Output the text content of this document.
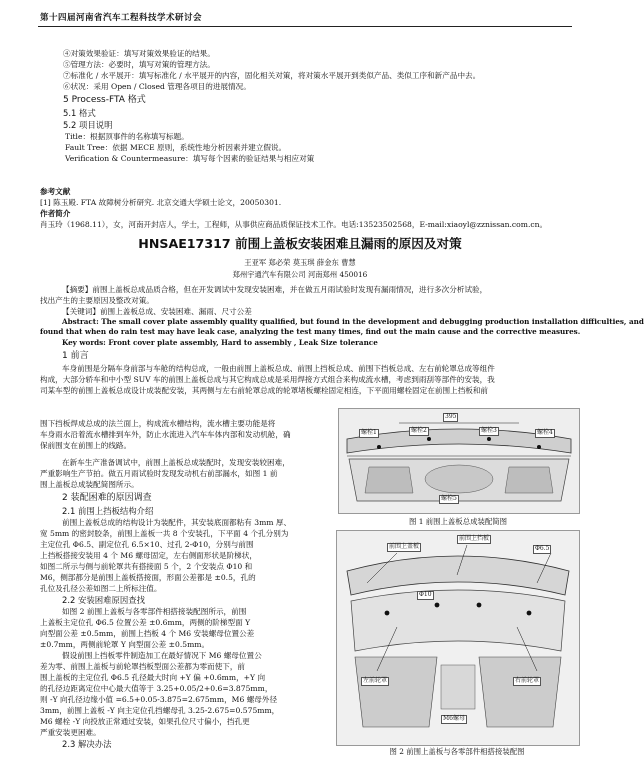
第十四届河南省汽车工程科技学术研讨会

④对策效果验证：填写对策效果验证的结果。

⑤管理方法：必要时，填写对策的管理方法。

⑦标准化 / 水平展开：填写标准化 / 水平展开的内容，固化相关对策，将对策水平展开到类似产品、类似工序和新产品中去。

⑥状况：采用 Open / Closed 管理各项目的进展情况。

5 Process-FTA 格式

5.1 格式

5.2 项目说明

Title：根据顶事件的名称填写标题。

Fault Tree：依据 MECE 原则，系统性地分析因素并建立假说。

Verification & Countermeasure：填写每个因素的验证结果与相应对策

参考文献

[1] 陈玉殿. FTA 故障树分析研究. 北京交通大学硕士论文，20050301.

作者简介

肖玉玲（1968.11），女，河南开封店人，学士，工程师，从事供应商品质保证技术工作。电话:13523502568，E-mail:xiaoyl@zznissan.com.cn。

HNSAE17317 前围上盖板安装困难且漏雨的原因及对策
王亚军 郑必荣 莫玉琪 薛金东 曹慧
郑州宇通汽车有限公司 河南郑州 450016

【摘要】前围上盖板总成品质合格，但在开发调试中发现安装困难，并在做五月雨试验时发现有漏雨情况，进行多次分析试验，

找出产生的主要原因及整改对策。

【关键词】前围上盖板总成、安装困难、漏雨、尺寸公差

Abstract: The small cover plate assembly quality qualified, but found in the development and debugging production installation difficulties, and

found that when do rain test may have leak case, analyzing the test many times, find out the main cause and the corrective measures.

Key words: Front cover plate assembly, Hard to assembly , Leak Size tolerance

1 前言

车身前围是分隔车身前部与车舱的结构总成，一般由前围上盖板总成、前围上挡板总成、前围下挡板总成、左右前轮罩总成等组件

构成，大部分轿车和中小型 SUV 车的前围上盖板总成与其它构成总成是采用焊接方式组合来构成流水槽，考虑到雨刮等部件的安装，我

司某车型的前围上盖板总成设计成装配安装，其两侧与左右前轮罩总成的轮罩堵板螺栓固定相连，下平面用螺栓固定在前围上挡板和前

围下挡板焊成总成的法兰面上，构成流水槽结构，流水槽主要功能是将

车身雨水沿着流水槽排到车外，防止水流进入汽车车体内部和发动机舱，确

保前围支在前围上的线路。

在新车生产准备调试中，前围上盖板总成装配时，发现安装较困难，

严重影响生产节拍。做五月雨试验时发现发动机右前部漏水，如图 1 前

围上盖板总成装配简图所示。

2 装配困难的原因调查

2.1 前围上挡板结构介绍

前围上盖板总成的结构设计为装配件，其安装底面都粘有 3mm 厚、

宽 5mm 的密封胶条，前围上盖板一共 8 个安装孔，下平面 4 个孔分别为

主定位孔 Φ6.5、副定位孔 6.5×10、过孔 2-Φ10，分别与前围

上挡板搭接安装用 4 个 M6 螺母固定，左右侧面形状是阶梯状，

如图二所示与侧与前轮罩共有搭接面 5 个，2 个安装点 Φ10 和

M6，侧部都分是前围上盖板搭接面，形面公差都是 ±0.5，孔的

孔位及孔径公差如图二上所标注值。

2.2 安装困难原因查找

如图 2 前围上盖板与各零部件相搭接装配图所示，前围

上盖板主定位孔 Φ6.5 位置公差 ±0.6mm，两侧的阶梯型面 Y

向型面公差 ±0.5mm，前围上挡板 4 个 M6 安装螺母位置公差

±0.7mm，两侧前轮罩 Y 向型面公差 ±0.5mm。

假设前围上挡板零件制造加工在最好情况下 M6 螺母位置公

差为零、前围上盖板与前轮罩挡板型面公差都为零而使下，前

围上盖板的主定位孔 Φ6.5 孔径最大时向 +Y 偏 +0.6mm，+Y 向

的孔径边距离定位中心最大值等于 3.25+0.05/2+0.6=3.875mm，

则 -Y 向孔径边缘小值 =6.5+0.05-3.875=2.675mm，M6 螺母外径

3mm，前围上盖板 -Y 向主定位孔挡螺母孔 3.25-2.675=0.575mm，

M6 螺栓 -Y 向投放正常通过安装，如果孔位尺寸偏小，挡孔更

严重安装更困难。

2.3 解决办法

395
螺栓1	螺栓2	螺栓3	螺栓4
螺栓5
图 1 前围上盖板总成装配简图
前围上盖板
前围上挡板
左前轮罩	右前轮罩
M6螺母
Φ6.5
Φ10
图 2 前围上盖板与各零部件相搭接装配图
